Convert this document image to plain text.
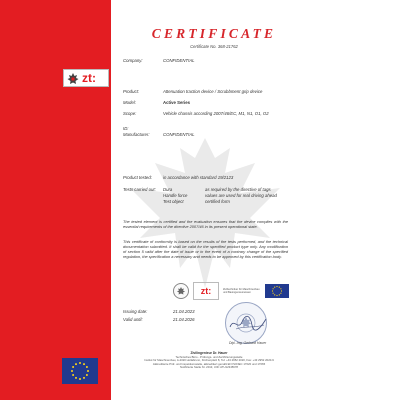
CERTIFICATE
Certificate No. 368-21762
zt:
Company:	CONFIDENTIAL
Product:	Attenuation traction device / Scrubbment grip device
Model:	Active Series
Scope:	Vehicle chassis according 2007/46/EC, M1, N1, O1, O2
ID:
Manufacturer:	CONFIDENTIAL
Product tested:	in accordance with standard 19/2123
Tests carried out: Dura	as required by the directive of tags
Handle force	values are used for real driving ahead
Test object	certified form
The tested element is certified and the evaluation ensures that the device complies with the essential requirements of the directive 2007/46 in its present operational state.
This certificate of conformity is based on the results of the tests performed, and the technical documentation submitted. It shall be valid for the specified product type only. Any modification of section 5 valid after the date of issue or in the event of a contrary change of the specified regulation, the specification a necessary and needs to be approved by this certification body.
zt:	Ziviltechniker für Maschinenbau und Bauingenieurwesen
Issuing date:	21.04.2023
Valid until:	21.04.2026
Dipl.-Ing. Gerhard Hauer
Zivilingenieur Dr. Hauer
Technisches Büro - Prüfungs- und Zertifizierungsstelle
Institut für Maschinenbau, A-2020 Hollabrunn, Kirchenplatz 8, Tel: +43 2952 2020, Fax: +43 2952 2020-9
Akkreditierte Prüf- und Inspektionsstelle, akkreditiert gemäß EN ISO/IEC 17020 und 17065
Notifizierte Stelle Nr. 2013, UID: ATU12345678
